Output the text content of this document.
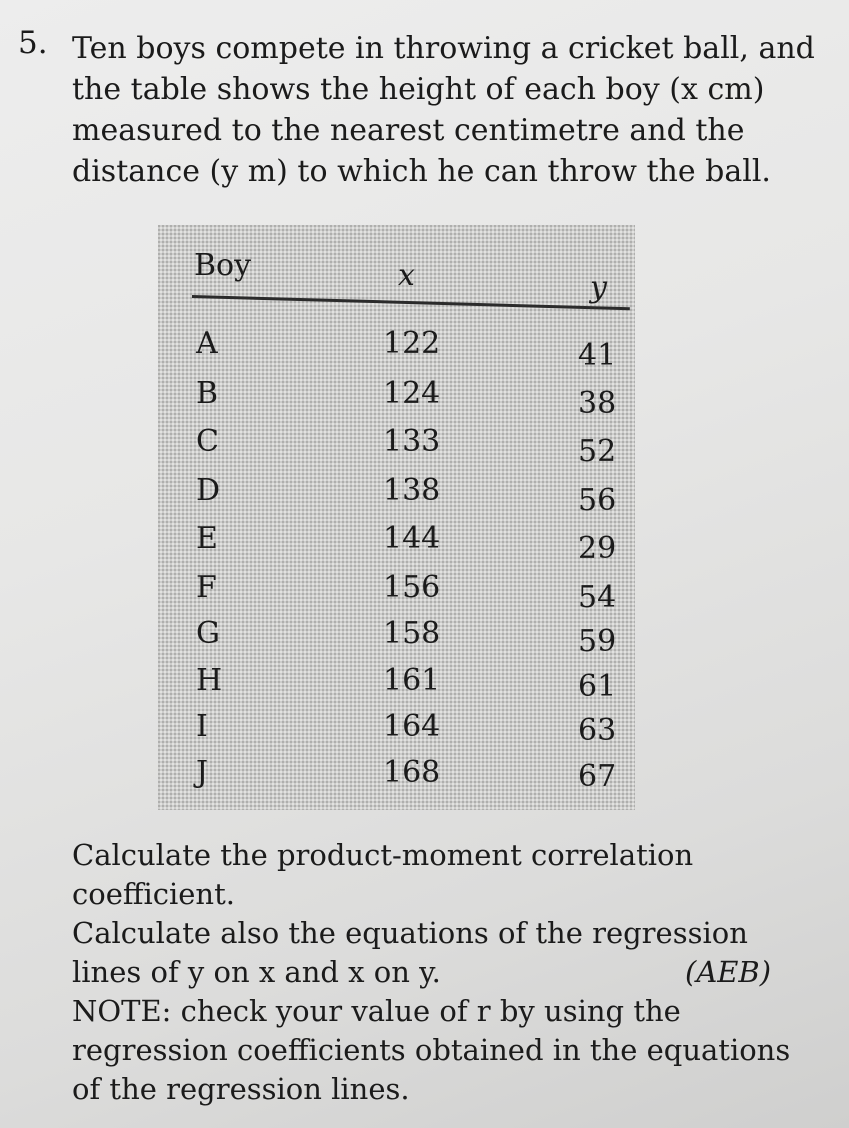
5. Ten boys compete in throwing a cricket ball, and
the table shows the height of each boy (x cm)
measured to the nearest centimetre and the
distance (y m) to which he can throw the ball.
Boy	x	y
A	122	41
B	124	38
C	133	52
D	138	56
E	144	29
F	156	54
G	158	59
H	161	61
I	164	63
J	168	67
Calculate the product-moment correlation
coefficient.
Calculate also the equations of the regression
lines of y on x and x on y.	(AEB)
NOTE: check your value of r by using the
regression coefficients obtained in the equations
of the regression lines.
